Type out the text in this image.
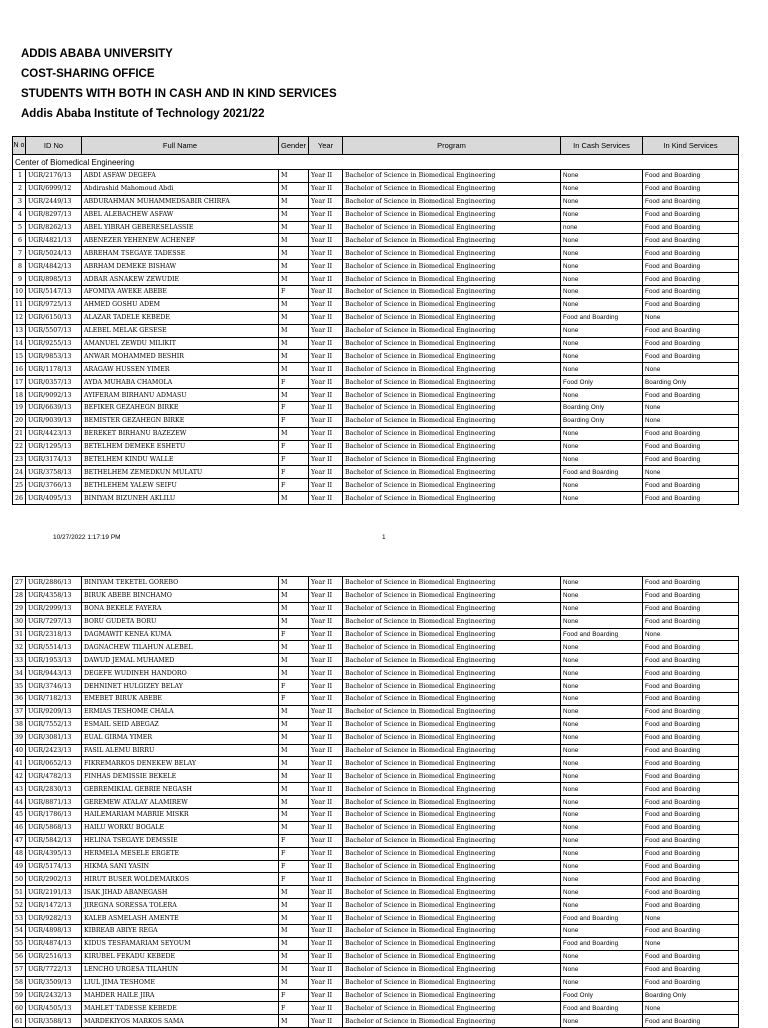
ADDIS ABABA UNIVERSITY
COST-SHARING OFFICE
STUDENTS WITH BOTH IN CASH AND IN KIND SERVICES
Addis Ababa Institute of Technology 2021/22
N o	ID No	Full Name	Gender	Year	Program	In Cash Services	In Kind Services
Center of Biomedical Engineering							
1	UGR/2176/13	ABDI ASFAW DEGEFA	M	Year II	Bachelor of Science in Biomedical Engineering	None	Food and Boarding
2	UGR/6999/12	Abdirashid Mahomoud Abdi	M	Year II	Bachelor of Science in Biomedical Engineering	None	Food and Boarding
3	UGR/2449/13	ABDURAHMAN MUHAMMEDSABIR CHIRFA	M	Year II	Bachelor of Science in Biomedical Engineering	None	Food and Boarding
4	UGR/8297/13	ABEL ALEBACHEW ASFAW	M	Year II	Bachelor of Science in Biomedical Engineering	None	Food and Boarding
5	UGR/8262/13	ABEL YIBRAH GEBERESELASSIE	M	Year II	Bachelor of Science in Biomedical Engineering	none	Food and Boarding
6	UGR/4821/13	ABENEZER YEHENEW ACHENEF	M	Year II	Bachelor of Science in Biomedical Engineering	None	Food and Boarding
7	UGR/5024/13	ABREHAM TSEGAYE TADESSE	M	Year II	Bachelor of Science in Biomedical Engineering	None	Food and Boarding
8	UGR/4842/13	ABRHAM DEMEKE BISHAW	M	Year II	Bachelor of Science in Biomedical Engineering	None	Food and Boarding
9	UGR/8985/13	ADBAR ASNAKEW ZEWUDIE	M	Year II	Bachelor of Science in Biomedical Engineering	None	Food and Boarding
10	UGR/5147/13	AFOMIYA AWEKE ABEBE	F	Year II	Bachelor of Science in Biomedical Engineering	None	Food and Boarding
11	UGR/9725/13	AHMED GOSHU ADEM	M	Year II	Bachelor of Science in Biomedical Engineering	None	Food and Boarding
12	UGR/6150/13	ALAZAR TADELE KEBEDE	M	Year II	Bachelor of Science in Biomedical Engineering	Food and Boarding	None
13	UGR/5507/13	ALEBEL MELAK GESESE	M	Year II	Bachelor of Science in Biomedical Engineering	None	Food and Boarding
14	UGR/9255/13	AMANUEL ZEWDU MILIKIT	M	Year II	Bachelor of Science in Biomedical Engineering	None	Food and Boarding
15	UGR/9853/13	ANWAR MOHAMMED BESHIR	M	Year II	Bachelor of Science in Biomedical Engineering	None	Food and Boarding
16	UGR/1178/13	ARAGAW HUSSEN YIMER	M	Year II	Bachelor of Science in Biomedical Engineering	None	None
17	UGR/0357/13	AYDA MUHABA CHAMOLA	F	Year II	Bachelor of Science in Biomedical Engineering	Food Only	Boarding Only
18	UGR/9092/13	AYIFERAM BIRHANU ADMASU	M	Year II	Bachelor of Science in Biomedical Engineering	None	Food and Boarding
19	UGR/6639/13	BEFIKER GEZAHEGN BIRKE	F	Year II	Bachelor of Science in Biomedical Engineering	Boarding Only	None
20	UGR/9039/13	BEMISTER GEZAHEGN BIRKE	F	Year II	Bachelor of Science in Biomedical Engineering	Boarding Only	None
21	UGR/4423/13	BEREKET BIRHANU BAZEZEW	M	Year II	Bachelor of Science in Biomedical Engineering	None	Food and Boarding
22	UGR/1295/13	BETELHEM DEMEKE ESHETU	F	Year II	Bachelor of Science in Biomedical Engineering	None	Food and Boarding
23	UGR/3174/13	BETELHEM KINDU WALLE	F	Year II	Bachelor of Science in Biomedical Engineering	None	Food and Boarding
24	UGR/3758/13	BETHELHEM ZEMEDKUN MULATU	F	Year II	Bachelor of Science in Biomedical Engineering	Food and Boarding	None
25	UGR/3766/13	BETHLEHEM YALEW SEIFU	F	Year II	Bachelor of Science in Biomedical Engineering	None	Food and Boarding
26	UGR/4095/13	BINIYAM BIZUNEH AKLILU	M	Year II	Bachelor of Science in Biomedical Engineering	None	Food and Boarding
10/27/2022 1:17:19 PM	1
27	UGR/2886/13	BINIYAM TEKETEL GOREBO	M	Year II	Bachelor of Science in Biomedical Engineering	None	Food and Boarding
28	UGR/4358/13	BIRUK ABEBE BINCHAMO	M	Year II	Bachelor of Science in Biomedical Engineering	None	Food and Boarding
29	UGR/2999/13	BONA BEKELE FAYERA	M	Year II	Bachelor of Science in Biomedical Engineering	None	Food and Boarding
30	UGR/7297/13	BORU GUDETA BORU	M	Year II	Bachelor of Science in Biomedical Engineering	None	Food and Boarding
31	UGR/2318/13	DAGMAWIT KENEA KUMA	F	Year II	Bachelor of Science in Biomedical Engineering	Food and Boarding	None
32	UGR/5514/13	DAGNACHEW TILAHUN ALEBEL	M	Year II	Bachelor of Science in Biomedical Engineering	None	Food and Boarding
33	UGR/1953/13	DAWUD JEMAL MUHAMED	M	Year II	Bachelor of Science in Biomedical Engineering	None	Food and Boarding
34	UGR/9443/13	DEGEFE WUDINEH HANDORO	M	Year II	Bachelor of Science in Biomedical Engineering	None	Food and Boarding
35	UGR/3746/13	DEHNINET HULGIZEY BELAY	F	Year II	Bachelor of Science in Biomedical Engineering	None	Food and Boarding
36	UGR/7182/13	EMEBET BIRUK ABEBE	F	Year II	Bachelor of Science in Biomedical Engineering	None	Food and Boarding
37	UGR/9209/13	ERMIAS TESHOME CHALA	M	Year II	Bachelor of Science in Biomedical Engineering	None	Food and Boarding
38	UGR/7552/13	ESMAIL SEID ABEGAZ	M	Year II	Bachelor of Science in Biomedical Engineering	None	Food and Boarding
39	UGR/3081/13	EUAL GIRMA YIMER	M	Year II	Bachelor of Science in Biomedical Engineering	None	Food and Boarding
40	UGR/2423/13	FASIL ALEMU BIRRU	M	Year II	Bachelor of Science in Biomedical Engineering	None	Food and Boarding
41	UGR/0652/13	FIKREMARKOS DENEKEW BELAY	M	Year II	Bachelor of Science in Biomedical Engineering	None	Food and Boarding
42	UGR/4782/13	FINHAS DEMISSIE BEKELE	M	Year II	Bachelor of Science in Biomedical Engineering	None	Food and Boarding
43	UGR/2830/13	GEBREMIKIAL GEBRIE NEGASH	M	Year II	Bachelor of Science in Biomedical Engineering	None	Food and Boarding
44	UGR/8871/13	GEREMEW ATALAY ALAMIREW	M	Year II	Bachelor of Science in Biomedical Engineering	None	Food and Boarding
45	UGR/1786/13	HAILEMARIAM MABRIE MISKR	M	Year II	Bachelor of Science in Biomedical Engineering	None	Food and Boarding
46	UGR/5868/13	HAILU WORKU BOGALE	M	Year II	Bachelor of Science in Biomedical Engineering	None	Food and Boarding
47	UGR/5842/13	HELINA TSEGAYE DEMSSIE	F	Year II	Bachelor of Science in Biomedical Engineering	None	Food and Boarding
48	UGR/4395/13	HERMELA MESELE ERGETE	F	Year II	Bachelor of Science in Biomedical Engineering	None	Food and Boarding
49	UGR/5174/13	HIKMA SANI YASIN	F	Year II	Bachelor of Science in Biomedical Engineering	None	Food and Boarding
50	UGR/2902/13	HIRUT BUSER WOLDEMARKOS	F	Year II	Bachelor of Science in Biomedical Engineering	None	Food and Boarding
51	UGR/2191/13	ISAK JIHAD ABANEGASH	M	Year II	Bachelor of Science in Biomedical Engineering	None	Food and Boarding
52	UGR/1472/13	JIREGNA SORESSA TOLERA	M	Year II	Bachelor of Science in Biomedical Engineering	None	Food and Boarding
53	UGR/9282/13	KALEB ASMELASH AMENTE	M	Year II	Bachelor of Science in Biomedical Engineering	Food and Boarding	None
54	UGR/4898/13	KIBREAB ABIYE REGA	M	Year II	Bachelor of Science in Biomedical Engineering	None	Food and Boarding
55	UGR/4874/13	KIDUS TESFAMARIAM SEYOUM	M	Year II	Bachelor of Science in Biomedical Engineering	Food and Boarding	None
56	UGR/2516/13	KIRUBEL FEKADU KEBEDE	M	Year II	Bachelor of Science in Biomedical Engineering	None	Food and Boarding
57	UGR/7722/13	LENCHO URGESA TILAHUN	M	Year II	Bachelor of Science in Biomedical Engineering	None	Food and Boarding
58	UGR/3509/13	LIUL JIMA TESHOME	M	Year II	Bachelor of Science in Biomedical Engineering	None	Food and Boarding
59	UGR/2432/13	MAHDER HAILE JIRA	F	Year II	Bachelor of Science in Biomedical Engineering	Food Only	Boarding Only
60	UGR/4505/13	MAHLET TADESSE KEBEDE	F	Year II	Bachelor of Science in Biomedical Engineering	Food and Boarding	None
61	UGR/3588/13	MARDEKIYOS MARKOS SAMA	M	Year II	Bachelor of Science in Biomedical Engineering	None	Food and Boarding
